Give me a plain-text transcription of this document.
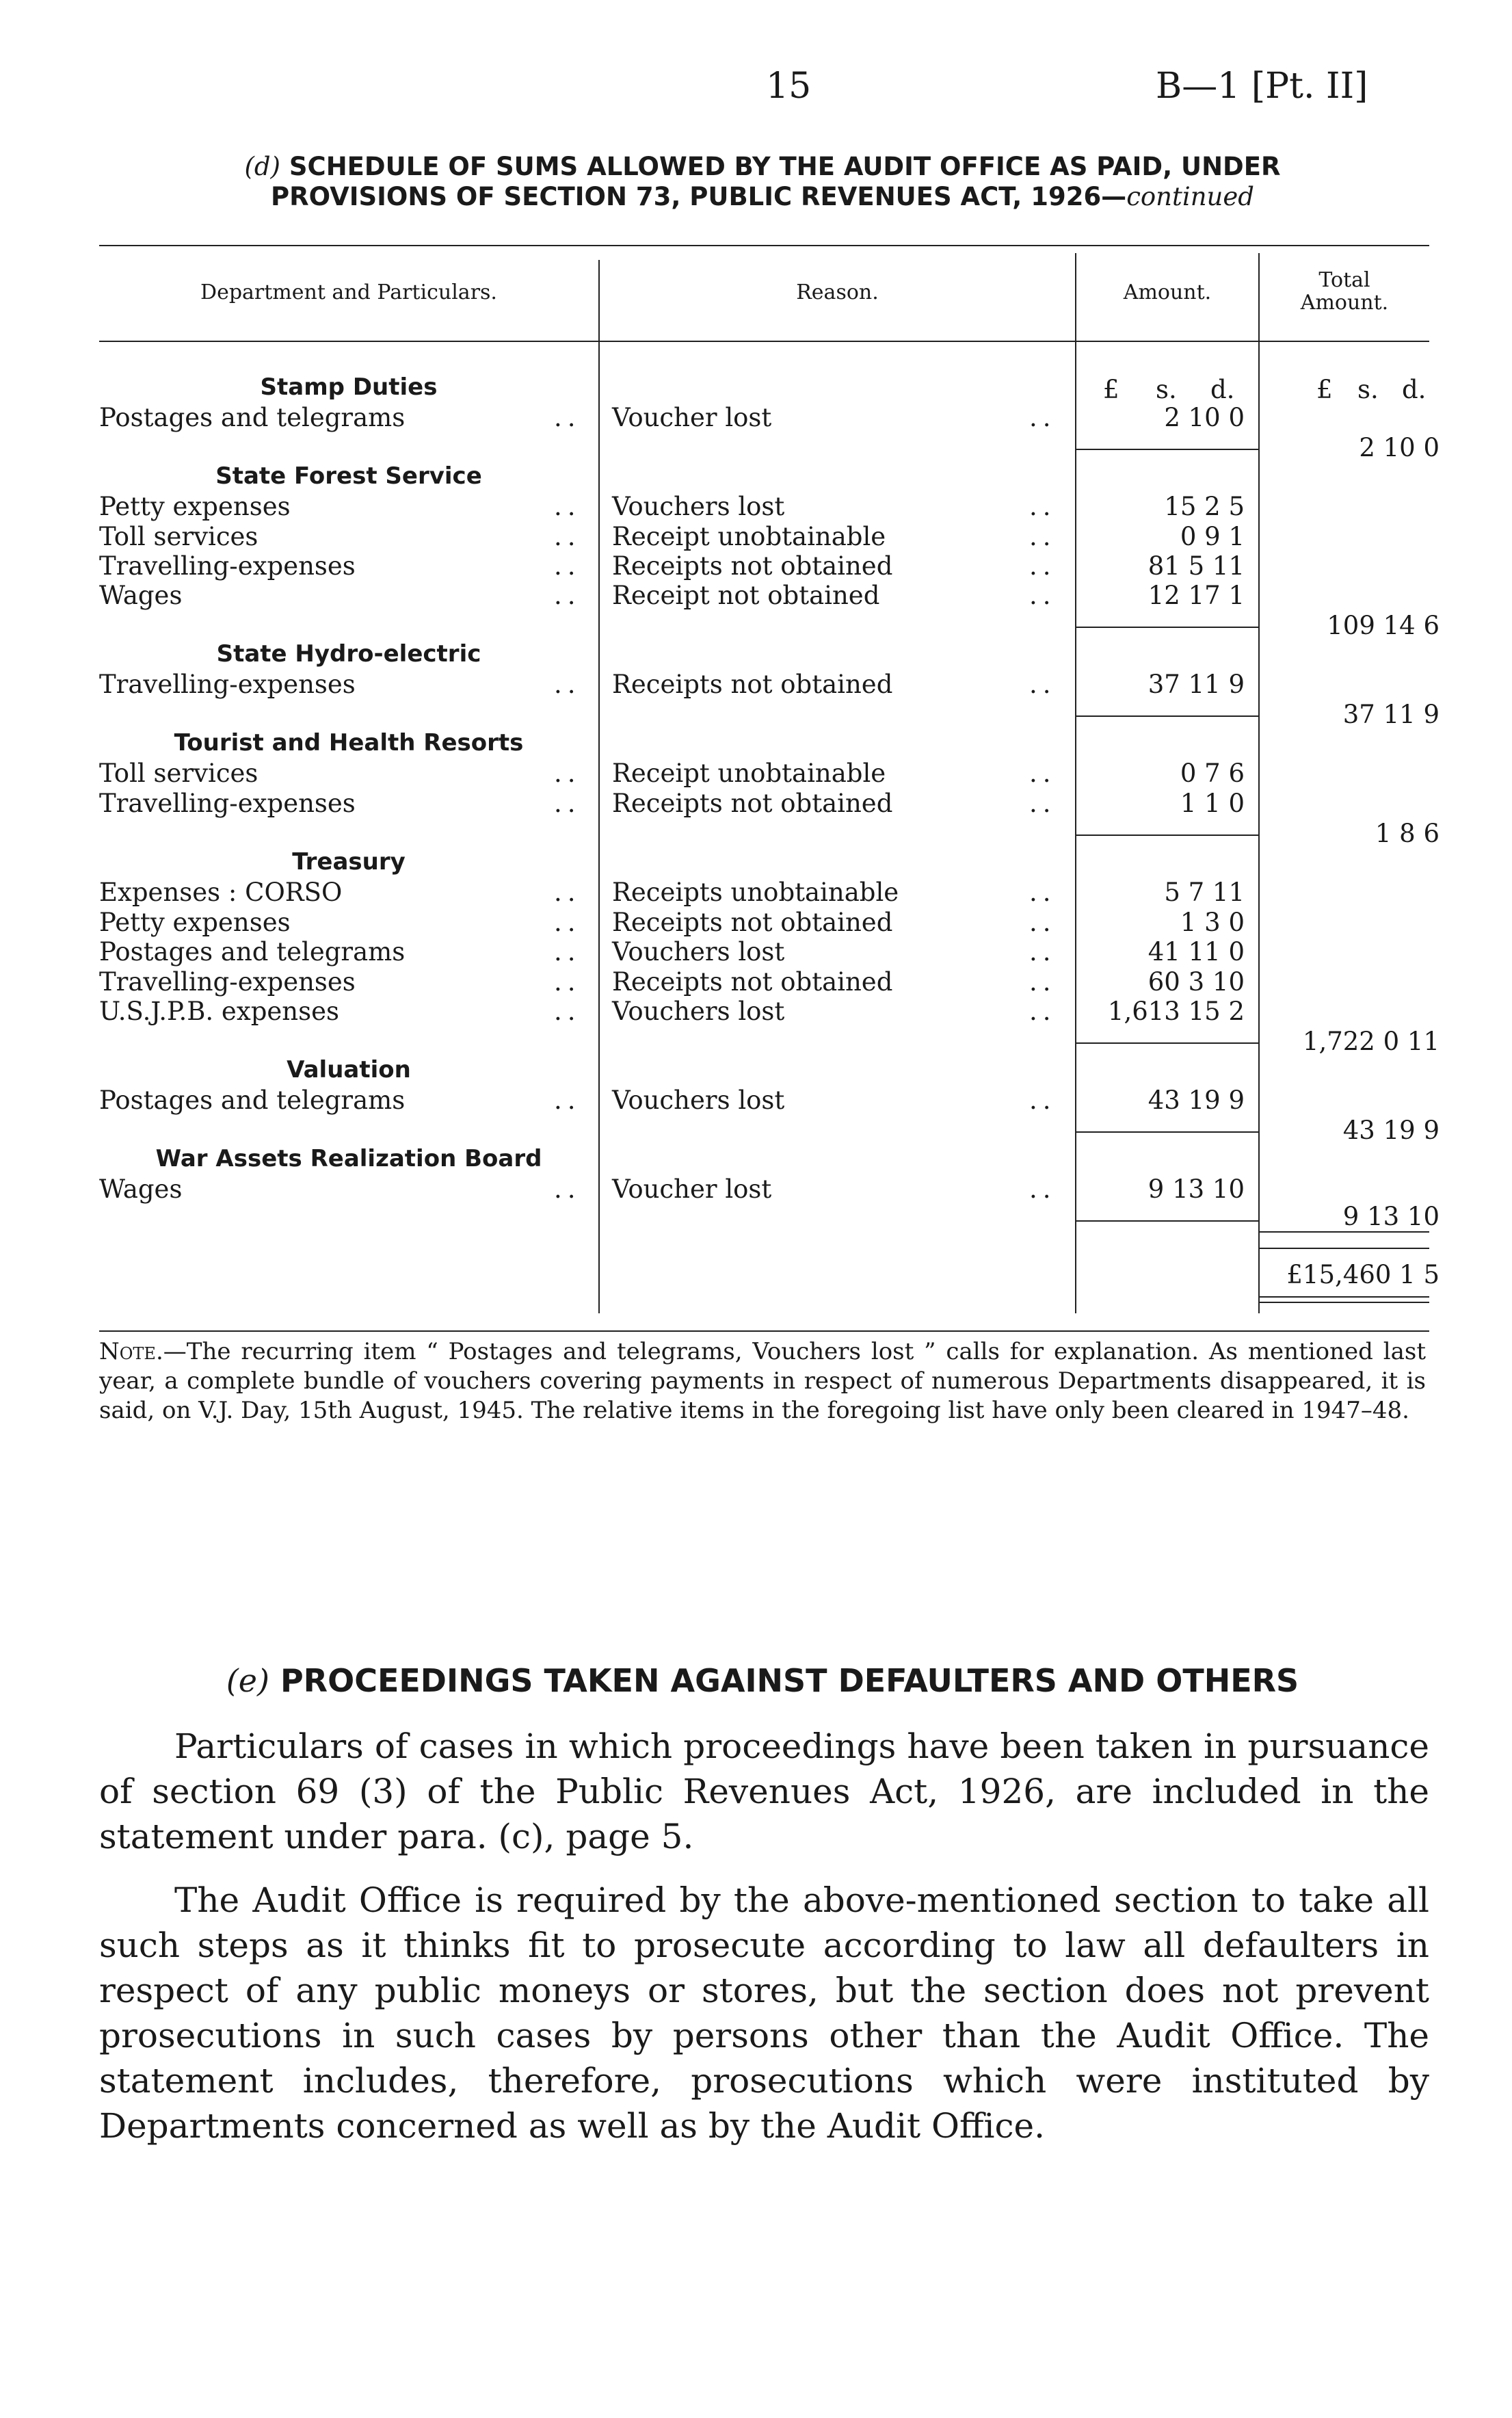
15	B—1 [Pt. II]
(d) SCHEDULE OF SUMS ALLOWED BY THE AUDIT OFFICE AS PAID, UNDER
PROVISIONS OF SECTION 73, PUBLIC REVENUES ACT, 1926—continued
Department and Particulars.	Reason.	Amount.
Total
Amount.
£ s. d.	£ s. d.
Stamp Duties
Postages and telegrams	Voucher lost	2 10 0
2 10 0
State Forest Service
Petty expenses	Vouchers lost	15 2 5
Toll services	Receipt unobtainable	0 9 1
Travelling-expenses	Receipts not obtained	81 5 11
Wages	Receipt not obtained	12 17 1
109 14 6
State Hydro-electric
Travelling-expenses	Receipts not obtained	37 11 9
37 11 9
Tourist and Health Resorts
Toll services	Receipt unobtainable	0 7 6
Travelling-expenses	Receipts not obtained	1 1 0
1 8 6
Treasury
Expenses : CORSO	Receipts unobtainable	5 7 11
Petty expenses	Receipts not obtained	1 3 0
Postages and telegrams	Vouchers lost	41 11 0
Travelling-expenses	Receipts not obtained	60 3 10
U.S.J.P.B. expenses	Vouchers lost	1,613 15 2
1,722 0 11
Valuation
Postages and telegrams	Vouchers lost	43 19 9
43 19 9
War Assets Realization Board
Wages	Voucher lost	9 13 10
9 13 10
£15,460 1 5
..
..
..
..
..
..
..
..
..
..
..
..
..
..
..
..
..
..
..
..
..
..
..
..
..
..
..
..
..
..
Note.—The recurring item “ Postages and telegrams, Vouchers lost ” calls for explanation. As mentioned last year, a complete bundle of vouchers covering payments in respect of numerous Departments disappeared, it is said, on V.J. Day, 15th August, 1945. The relative items in the foregoing list have only been cleared in 1947–48.
(e) PROCEEDINGS TAKEN AGAINST DEFAULTERS AND OTHERS
Particulars of cases in which proceedings have been taken in pursuance of section 69 (3) of the Public Revenues Act, 1926, are included in the statement under para. (c), page 5.
The Audit Office is required by the above-mentioned section to take all such steps as it thinks fit to prosecute according to law all defaulters in respect of any public moneys or stores, but the section does not prevent prosecutions in such cases by persons other than the Audit Office. The statement includes, therefore, prosecutions which were instituted by Departments concerned as well as by the Audit Office.
